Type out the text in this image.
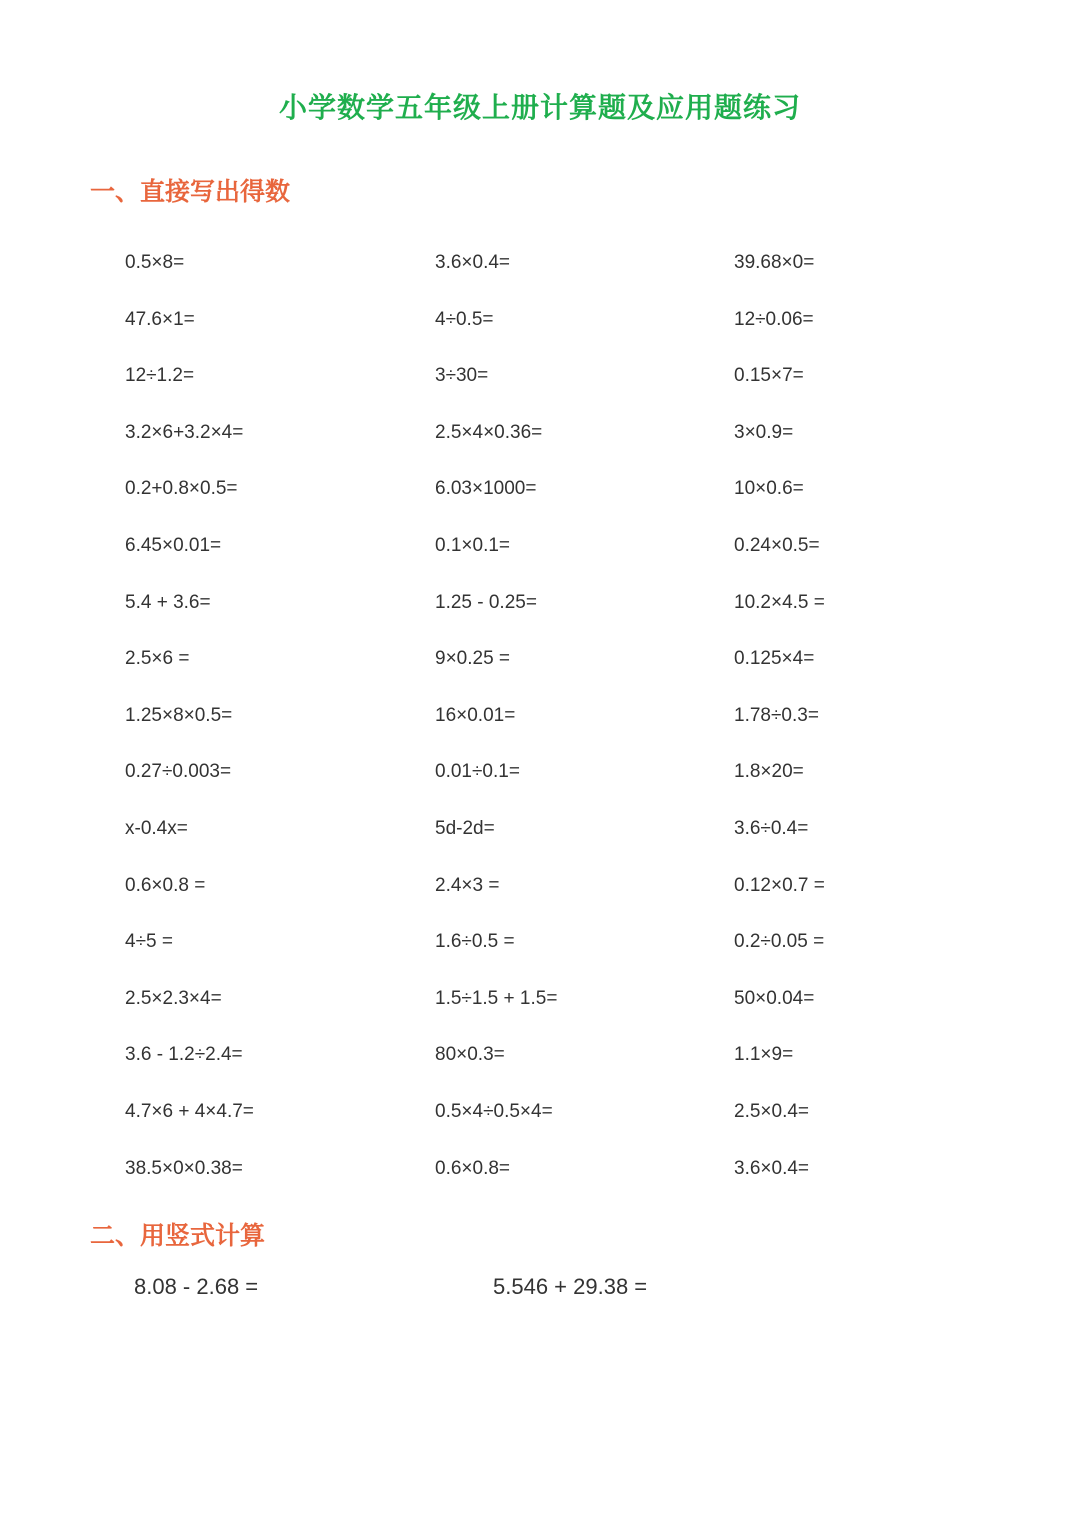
小学数学五年级上册计算题及应用题练习
一、直接写出得数
0.5×8=	3.6×0.4=	39.68×0=
47.6×1=	4÷0.5=	12÷0.06=
12÷1.2=	3÷30=	0.15×7=
3.2×6+3.2×4=	2.5×4×0.36=	3×0.9=
0.2+0.8×0.5=	6.03×1000=	10×0.6=
6.45×0.01=	0.1×0.1=	0.24×0.5=
5.4 + 3.6=	1.25 - 0.25=	10.2×4.5 =
2.5×6 =	9×0.25 =	0.125×4=
1.25×8×0.5=	16×0.01=	1.78÷0.3=
0.27÷0.003=	0.01÷0.1=	1.8×20=
x-0.4x=	5d-2d=	3.6÷0.4=
0.6×0.8 =	2.4×3 =	0.12×0.7 =
4÷5 =	1.6÷0.5 =	0.2÷0.05 =
2.5×2.3×4=	1.5÷1.5 + 1.5=	50×0.04=
3.6 - 1.2÷2.4=	80×0.3=	1.1×9=
4.7×6 + 4×4.7=	0.5×4÷0.5×4=	2.5×0.4=
38.5×0×0.38=	0.6×0.8=	3.6×0.4=
二、用竖式计算
8.08 - 2.68 =	5.546 + 29.38 =
